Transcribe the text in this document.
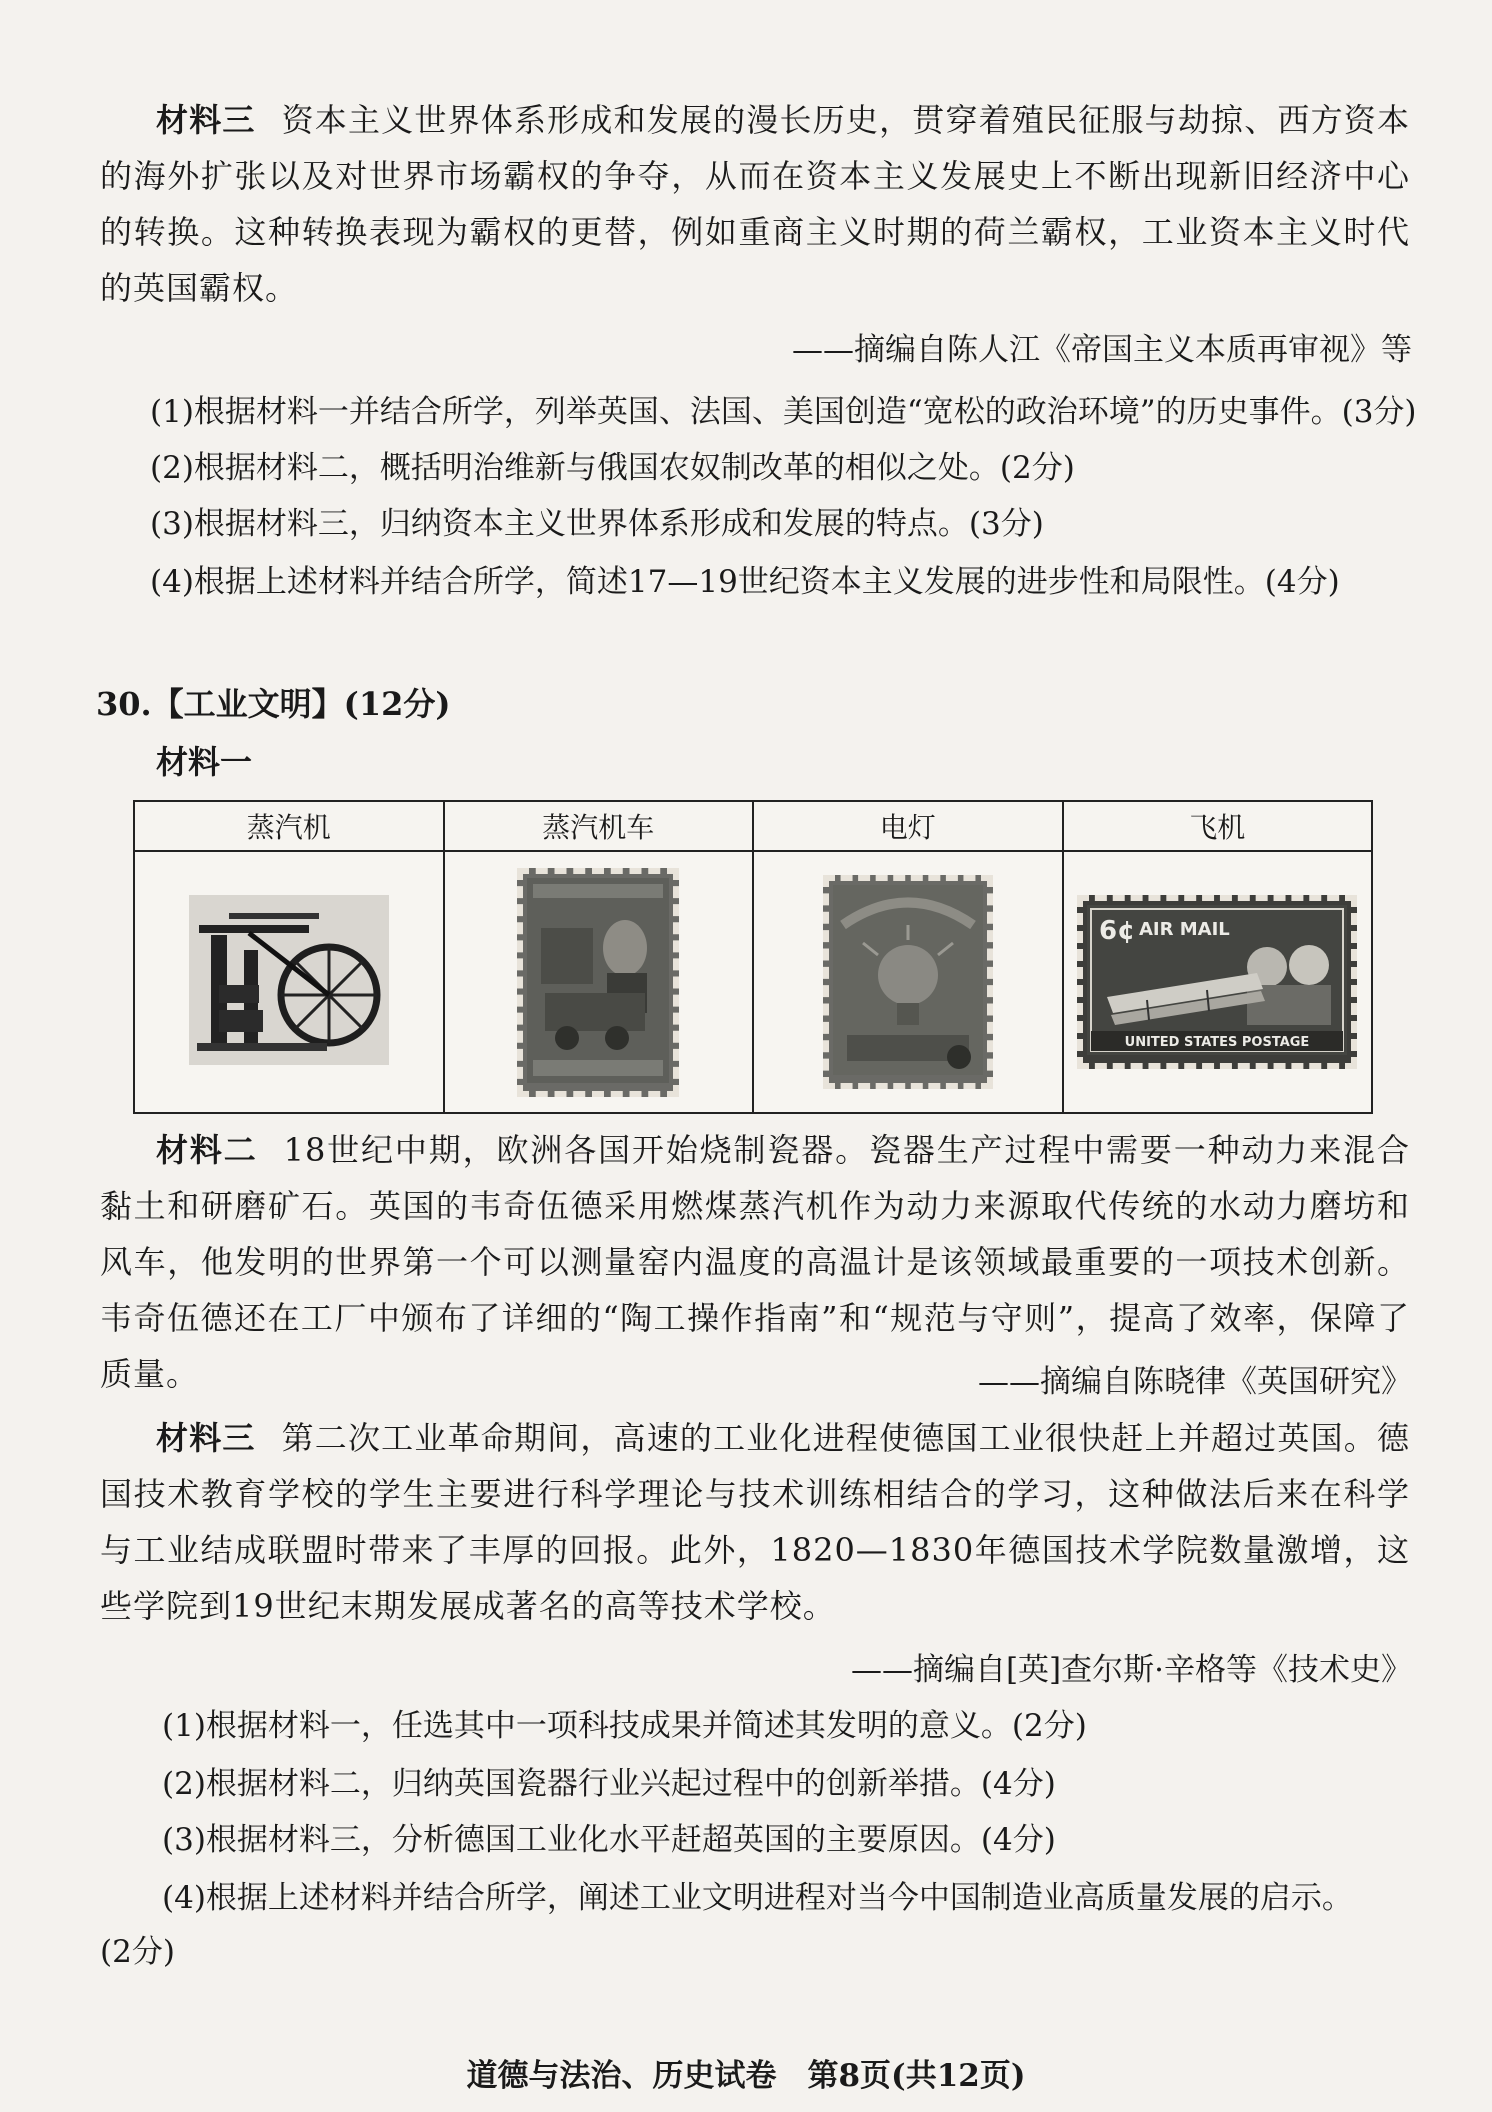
材料三 资本主义世界体系形成和发展的漫长历史，贯穿着殖民征服与劫掠、西方资本的海外扩张以及对世界市场霸权的争夺，从而在资本主义发展史上不断出现新旧经济中心的转换。这种转换表现为霸权的更替，例如重商主义时期的荷兰霸权，工业资本主义时代的英国霸权。
——摘编自陈人江《帝国主义本质再审视》等
(1)根据材料一并结合所学，列举英国、法国、美国创造“宽松的政治环境”的历史事件。(3分)
(2)根据材料二，概括明治维新与俄国农奴制改革的相似之处。(2分)
(3)根据材料三，归纳资本主义世界体系形成和发展的特点。(3分)
(4)根据上述材料并结合所学，简述17—19世纪资本主义发展的进步性和局限性。(4分)
30.【工业文明】(12分)
材料一
蒸汽机	蒸汽机车	电灯	飞机

6¢ AIR MAIL
UNITED STATES POSTAGE
材料二 18世纪中期，欧洲各国开始烧制瓷器。瓷器生产过程中需要一种动力来混合黏土和研磨矿石。英国的韦奇伍德采用燃煤蒸汽机作为动力来源取代传统的水动力磨坊和风车，他发明的世界第一个可以测量窑内温度的高温计是该领域最重要的一项技术创新。韦奇伍德还在工厂中颁布了详细的“陶工操作指南”和“规范与守则”，提高了效率，保障了质量。	——摘编自陈晓律《英国研究》
材料三 第二次工业革命期间，高速的工业化进程使德国工业很快赶上并超过英国。德国技术教育学校的学生主要进行科学理论与技术训练相结合的学习，这种做法后来在科学与工业结成联盟时带来了丰厚的回报。此外，1820—1830年德国技术学院数量激增，这些学院到19世纪末期发展成著名的高等技术学校。
——摘编自[英]查尔斯·辛格等《技术史》
(1)根据材料一，任选其中一项科技成果并简述其发明的意义。(2分)
(2)根据材料二，归纳英国瓷器行业兴起过程中的创新举措。(4分)
(3)根据材料三，分析德国工业化水平赶超英国的主要原因。(4分)
(4)根据上述材料并结合所学，阐述工业文明进程对当今中国制造业高质量发展的启示。
(2分)
道德与法治、历史试卷　第8页(共12页)
